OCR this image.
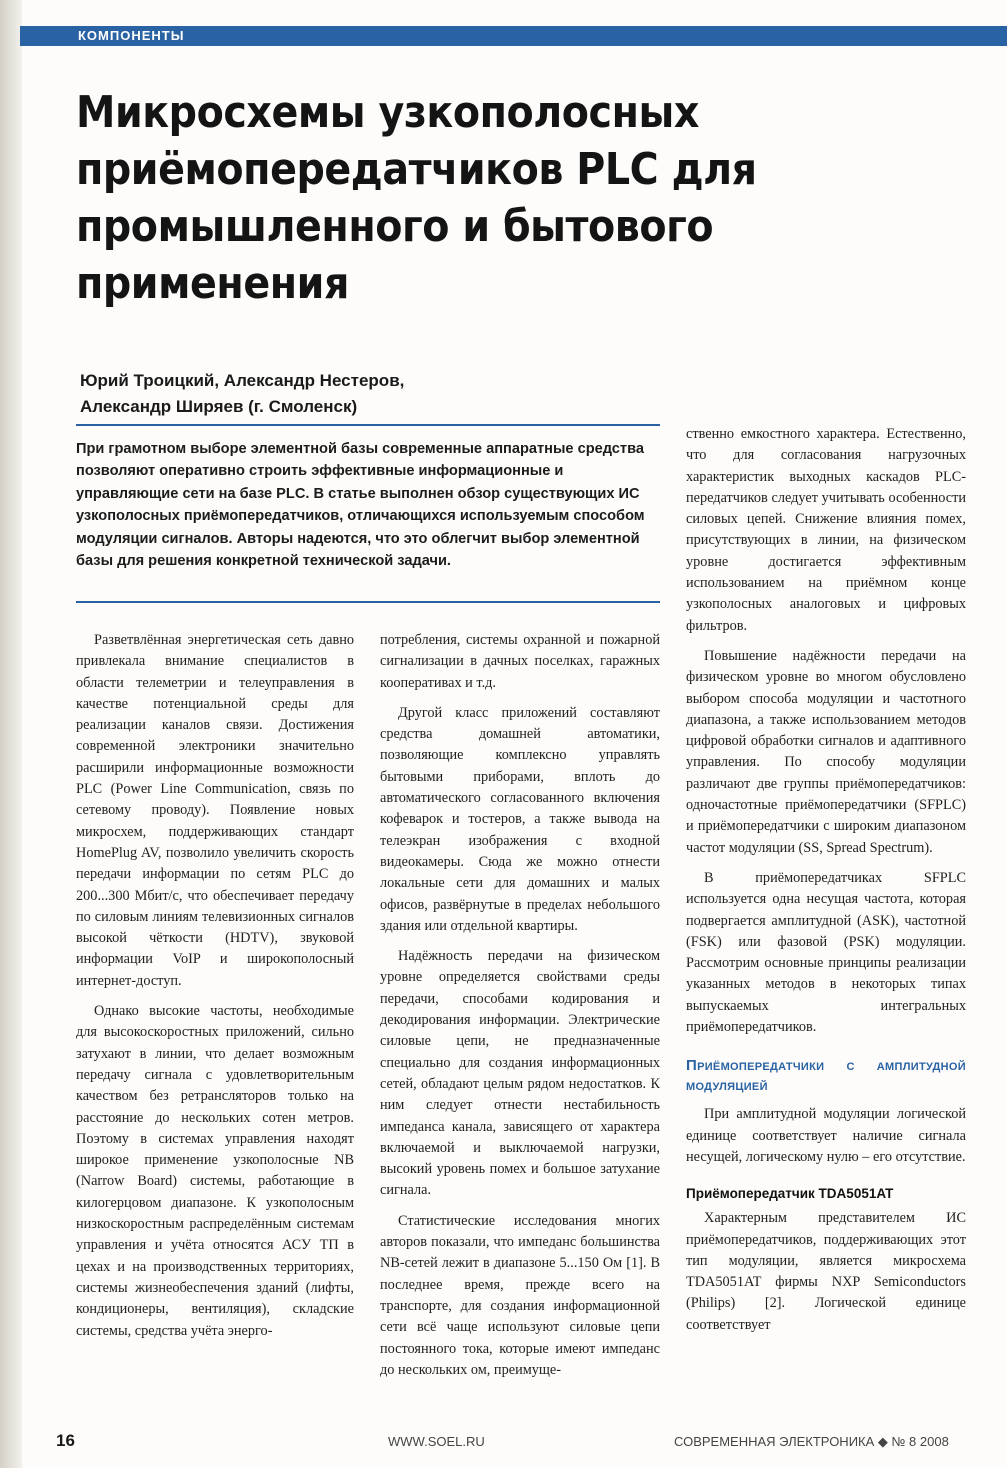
КОМПОНЕНТЫ
Микросхемы узкополосных приёмопередатчиков PLC для промышленного и бытового применения
Юрий Троицкий, Александр Нестеров,
Александр Ширяев (г. Смоленск)
При грамотном выборе элементной базы современные аппаратные средства позволяют оперативно строить эффективные информационные и управляющие сети на базе PLC. В статье выполнен обзор существующих ИС узкополосных приёмопередатчиков, отличающихся используемым способом модуляции сигналов. Авторы надеются, что это облегчит выбор элементной базы для решения конкретной технической задачи.

Разветвлённая энергетическая сеть давно привлекала внимание специалистов в области телеметрии и телеуправления в качестве потенциальной среды для реализации каналов связи. Достижения современной электроники значительно расширили информационные возможности PLC (Power Line Communication, связь по сетевому проводу). Появление новых микросхем, поддерживающих стандарт HomePlug AV, позволило увеличить скорость передачи информации по сетям PLC до 200...300 Мбит/с, что обеспечивает передачу по силовым линиям телевизионных сигналов высокой чёткости (HDTV), звуковой информации VoIP и широкополосный интернет-доступ.

Однако высокие частоты, необходимые для высокоскоростных приложений, сильно затухают в линии, что делает возможным передачу сигнала с удовлетворительным качеством без ретрансляторов только на расстояние до нескольких сотен метров. Поэтому в системах управления находят широкое применение узкополосные NB (Narrow Board) системы, работающие в килогерцовом диапазоне. К узкополосным низкоскоростным распределённым системам управления и учёта относятся АСУ ТП в цехах и на производственных территориях, системы жизнеобеспечения зданий (лифты, кондиционеры, вентиляция), складские системы, средства учёта энерго-

потребления, системы охранной и пожарной сигнализации в дачных поселках, гаражных кооперативах и т.д.

Другой класс приложений составляют средства домашней автоматики, позволяющие комплексно управлять бытовыми приборами, вплоть до автоматического согласованного включения кофеварок и тостеров, а также вывода на телеэкран изображения с входной видеокамеры. Сюда же можно отнести локальные сети для домашних и малых офисов, развёрнутые в пределах небольшого здания или отдельной квартиры.

Надёжность передачи на физическом уровне определяется свойствами среды передачи, способами кодирования и декодирования информации. Электрические силовые цепи, не предназначенные специально для создания информационных сетей, обладают целым рядом недостатков. К ним следует отнести нестабильность импеданса канала, зависящего от характера включаемой и выключаемой нагрузки, высокий уровень помех и большое затухание сигнала.

Статистические исследования многих авторов показали, что импеданс большинства NB-сетей лежит в диапазоне 5...150 Ом [1]. В последнее время, прежде всего на транспорте, для создания информационной сети всё чаще используют силовые цепи постоянного тока, которые имеют импеданс до нескольких ом, преимуще-

ственно емкостного характера. Естественно, что для согласования нагрузочных характеристик выходных каскадов PLC-передатчиков следует учитывать особенности силовых цепей. Снижение влияния помех, присутствующих в линии, на физическом уровне достигается эффективным использованием на приёмном конце узкополосных аналоговых и цифровых фильтров.

Повышение надёжности передачи на физическом уровне во многом обусловлено выбором способа модуляции и частотного диапазона, а также использованием методов цифровой обработки сигналов и адаптивного управления. По способу модуляции различают две группы приёмопередатчиков: одночастотные приёмопередатчики (SFPLC) и приёмопередатчики с широким диапазоном частот модуляции (SS, Spread Spectrum).

В приёмопередатчиках SFPLC используется одна несущая частота, которая подвергается амплитудной (ASK), частотной (FSK) или фазовой (PSK) модуляции. Рассмотрим основные принципы реализации указанных методов в некоторых типах выпускаемых интегральных приёмопередатчиков.

Приёмопередатчики с амплитудной модуляцией

При амплитудной модуляции логической единице соответствует наличие сигнала несущей, логическому нулю – его отсутствие.

Приёмопередатчик TDA5051AT

Характерным представителем ИС приёмопередатчиков, поддерживающих этот тип модуляции, является микросхема TDA5051AT фирмы NXP Semiconductors (Philips) [2]. Логической единице соответствует

16	WWW.SOEL.RU	СОВРЕМЕННАЯ ЭЛЕКТРОНИКА ◆ № 8 2008
